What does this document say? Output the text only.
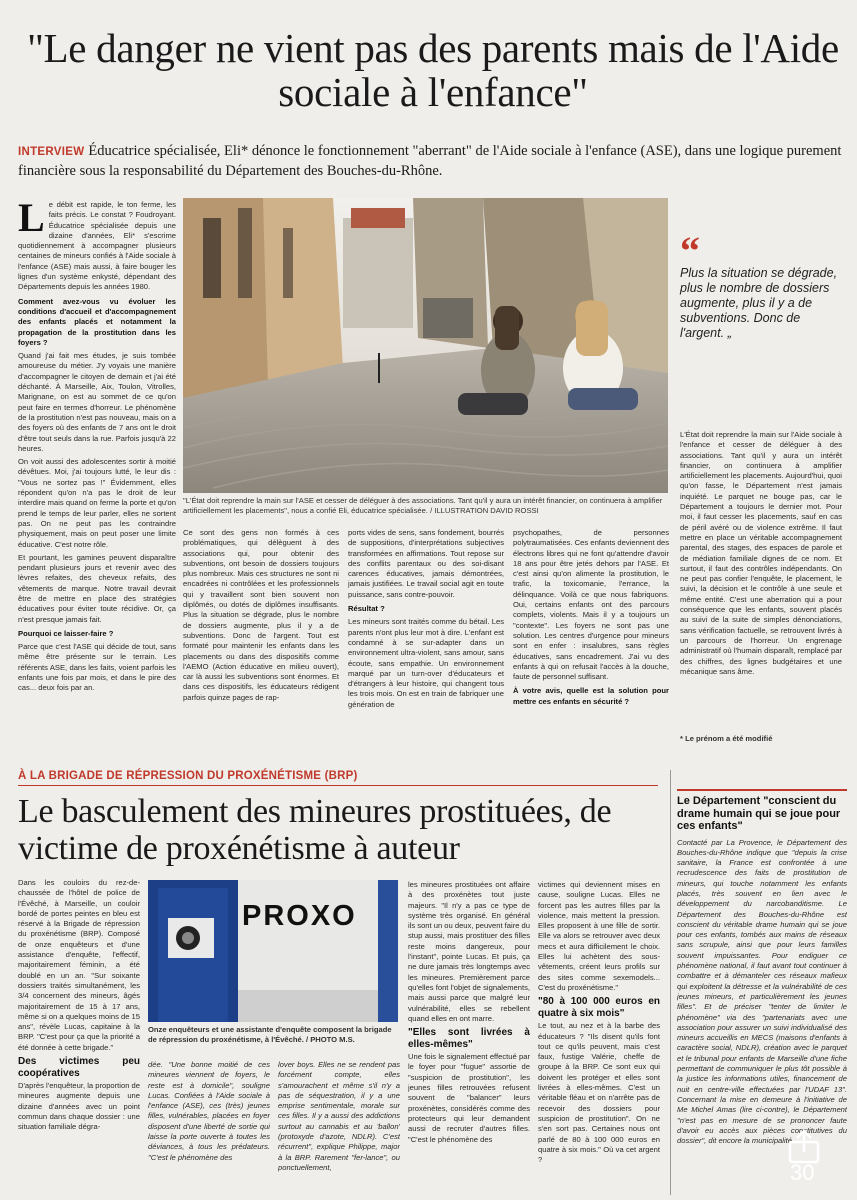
"Le danger ne vient pas des parents mais de l'Aide sociale à l'enfance"
INTERVIEW Éducatrice spécialisée, Eli* dénonce le fonctionnement "aberrant" de l'Aide sociale à l'enfance (ASE), dans une logique purement financière sous la responsabilité du Département des Bouches-du-Rhône.

Le débit est rapide, le ton ferme, les faits précis. Le constat ? Foudroyant. Éducatrice spécialisée depuis une dizaine d'années, Eli* s'escrime quotidiennement à accompagner plusieurs centaines de mineurs confiés à l'Aide sociale à l'enfance (ASE) mais aussi, à faire bouger les lignes d'un système enkysté, dépendant des Départements depuis les années 1980.

Comment avez-vous vu évoluer les conditions d'accueil et d'accompagnement des enfants placés et notamment la propagation de la prostitution dans les foyers ?

Quand j'ai fait mes études, je suis tombée amoureuse du métier. J'y voyais une manière d'accompagner le citoyen de demain et j'ai été déchanté. À Marseille, Aix, Toulon, Vitrolles, Marignane, on est au sommet de ce qu'on peut faire en termes d'horreur. Le phénomène de la prostitution n'est pas nouveau, mais on a des foyers où des enfants de 7 ans ont le droit d'être tout seuls dans la rue. Parfois jusqu'à 22 heures.

On voit aussi des adolescentes sortir à moitié dévêtues. Moi, j'ai toujours lutté, le leur dis : "Vous ne sortez pas !" Évidemment, elles répondent qu'on n'a pas le droit de leur interdire mais quand on ferme la porte et qu'on prend le temps de leur parler, elles ne sortent pas. On ne peut pas les contraindre physiquement, mais on peut poser une limite éducative. C'est notre rôle.

Et pourtant, les gamines peuvent disparaître pendant plusieurs jours et revenir avec des lèvres refaites, des cheveux refaits, des vêtements de marque. Notre travail devrait être de mettre en place des stratégies éducatives pour éviter toute récidive. Or, ça n'est presque jamais fait.

Pourquoi ce laisser-faire ?

Parce que c'est l'ASE qui décide de tout, sans même être présente sur le terrain. Les référents ASE, dans les faits, voient parfois les enfants une fois par mois, et dans le pire des cas... deux fois par an.

"L'État doit reprendre la main sur l'ASE et cesser de déléguer à des associations. Tant qu'il y aura un intérêt financier, on continuera à amplifier artificiellement les placements", nous a confié Eli, éducatrice spécialisée. / ILLUSTRATION DAVID ROSSI
“
Plus la situation se dégrade, plus le nombre de dossiers augmente, plus il y a de subventions. Donc de l'argent. „

L'État doit reprendre la main sur l'Aide sociale à l'enfance et cesser de déléguer à des associations. Tant qu'il y aura un intérêt financier, on continuera à amplifier artificiellement les placements. Aujourd'hui, quoi qu'on fasse, le Département n'est jamais inquiété. Le parquet ne bouge pas, car le Département a toujours le dernier mot. Pour moi, il faut cesser les placements, sauf en cas de péril avéré ou de violence extrême. Il faut mettre en place un véritable accompagnement parental, des stages, des espaces de parole et de médiation familiale dignes de ce nom. Et surtout, il faut des contrôles indépendants. On ne peut pas confier l'enquête, le placement, le suivi, la décision et le contrôle à une seule et même entité. C'est une aberration qui a pour conséquence que les enfants, souvent placés au suivi de la suite de simples dénonciations, sans vérification factuelle, se retrouvent livrés à un parcours de l'horreur. Un engrenage administratif où l'humain disparaît, remplacé par des chiffres, des lignes budgétaires et une mécanique sans âme.

Ce sont des gens non formés à ces problématiques, qui délèguent à des associations qui, pour obtenir des subventions, ont besoin de dossiers toujours plus nombreux. Mais ces structures ne sont ni encadrées ni contrôlées et les professionnels qui y travaillent sont bien souvent non diplômés, ou dotés de diplômes insuffisants. Plus la situation se dégrade, plus le nombre de dossiers augmente, plus il y a de subventions. Donc de l'argent. Tout est formaté pour maintenir les enfants dans les placements ou dans des dispositifs comme l'AEMO (Action éducative en milieu ouvert), car là aussi les subventions sont énormes. Et dans ces dispositifs, les éducateurs rédigent parfois quinze pages de rap-

ports vides de sens, sans fondement, bourrés de suppositions, d'interprétations subjectives transformées en affirmations. Tout repose sur des conflits parentaux ou des soi-disant carences éducatives, jamais démontrées, jamais justifiées. Le travail social agit en toute puissance, sans contre-pouvoir.

Résultat ?

Les mineurs sont traités comme du bétail. Les parents n'ont plus leur mot à dire. L'enfant est condamné à se sur-adapter dans un environnement ultra-violent, sans amour, sans écoute, sans empathie. Un environnement marqué par un turn-over d'éducateurs et d'étrangers à leur histoire, qui changent tous les trois mois. On est en train de fabriquer une génération de

psychopathes, de personnes polytraumatisées. Ces enfants deviennent des électrons libres qui ne font qu'attendre d'avoir 18 ans pour être jetés dehors par l'ASE. Et c'est ainsi qu'on alimente la prostitution, le trafic, la toxicomanie, l'errance, la délinquance. Voilà ce que nous fabriquons. Oui, certains enfants ont des parcours complets, violents. Mais il y a toujours un "contexte". Les foyers ne sont pas une solution. Les centres d'urgence pour mineurs sont en enfer : insalubres, sans règles éducatives, sans encadrement. J'ai vu des enfants à qui on refusait l'accès à la douche, faute de personnel suffisant.

À votre avis, quelle est la solution pour mettre ces enfants en sécurité ?

* Le prénom a été modifié
À LA BRIGADE DE RÉPRESSION DU PROXÉNÉTISME (BRP)
Le basculement des mineures prostituées, de victime de proxénétisme à auteur

Dans les couloirs du rez-de-chaussée de l'hôtel de police de l'Évêché, à Marseille, un couloir bordé de portes peintes en bleu est réservé à la Brigade de répression du proxénétisme (BRP). Composé de onze enquêteurs et d'une assistance d'enquête, l'effectif, majoritairement féminin, a été doublé en un an. "Sur soixante dossiers traités simultanément, les 3/4 concernent des mineurs, âgés majoritairement de 15 à 17 ans, même si on a quelques moins de 15 ans", révèle Lucas, capitaine à la BRP. "C'est pour ça que la priorité a été donnée à cette brigade."

Des victimes peu coopératives

D'après l'enquêteur, la proportion de mineures augmente depuis une dizaine d'années avec un point commun dans chaque dossier : une situation familiale dégra-

PROXO
Onze enquêteurs et une assistante d'enquête composent la brigade de répression du proxénétisme, à l'Évêché. / PHOTO M.S.

dée. "Une bonne moitié de ces mineures viennent de foyers, le reste est à domicile", souligne Lucas. Confiées à l'Aide sociale à l'enfance (ASE), ces (très) jeunes filles, vulnérables, placées en foyer disposent d'une liberté de sortie qui laisse la porte ouverte à toutes les déviances, à tous les prédateurs. "C'est le phénomène des

lover boys. Elles ne se rendent pas forcément compte, elles s'amourachent et même s'il n'y a pas de séquestration, il y a une emprise sentimentale, morale sur ces filles. Il y a aussi des addictions surtout au cannabis et au 'ballon' (protoxyde d'azote, NDLR). C'est récurrent", explique Philippe, major à la BRP. Rarement "fer-lance", ou ponctuellement,

les mineures prostituées ont affaire à des proxénètes tout juste majeurs. "Il n'y a pas ce type de système très organisé. En général ils sont un ou deux, peuvent faire du stup aussi, mais prostituer des filles reste moins dangereux, pour l'instant", pointe Lucas. Et puis, ça ne dure jamais très longtemps avec les mineures. Premièrement parce qu'elles font l'objet de signalements, mais aussi parce que malgré leur vulnérabilité, elles se rebellent quand elles en ont marre.

"Elles sont livrées à elles-mêmes"

Une fois le signalement effectué par le foyer pour "fugue" assortie de "suspicion de prostitution", les jeunes filles retrouvées refusent souvent de "balancer" leurs proxénètes, considérés comme des protecteurs qui leur demandent aussi de recruter d'autres filles. "C'est le phénomène des

victimes qui deviennent mises en cause, souligne Lucas. Elles ne forcent pas les autres filles par la violence, mais mettent la pression. Elles proposent à une fille de sortir. Elle va alors se retrouver avec deux mecs et aura difficilement le choix. Elles lui achètent des sous-vêtements, créent leurs profils sur des sites comme sexemodels... C'est du proxénétisme."

"80 à 100 000 euros en quatre à six mois"

Le tout, au nez et à la barbe des éducateurs ? "Ils disent qu'ils font tout ce qu'ils peuvent, mais c'est faux, fustige Valérie, cheffe de groupe à la BRP. Ce sont eux qui doivent les protéger et elles sont livrées à elles-mêmes. C'est un véritable fléau et on n'arrête pas de recevoir des dossiers pour suspicion de prostitution". On ne s'en sort pas. Certaines nous ont parlé de 80 à 100 000 euros en quatre à six mois." Où va cet argent ?

Le Département "conscient du drame humain qui se joue pour ces enfants"
Contacté par La Provence, le Département des Bouches-du-Rhône indique que "depuis la crise sanitaire, la France est confrontée à une recrudescence des faits de prostitution de mineurs, qui touche notamment les enfants placés, très souvent en lien avec le développement du narcobanditisme. Le Département des Bouches-du-Rhône est conscient du véritable drame humain qui se joue pour ces enfants, tombés aux mains de réseaux sans scrupule, ainsi que pour leurs familles souvent impuissantes. Pour endiguer ce phénomène national, il faut avant tout continuer à combattre et à démanteler ces réseaux mafieux qui exploitent la détresse et la vulnérabilité de ces jeunes mineurs, et particulièrement les jeunes filles". Et de préciser "tenter de limiter le phénomène" via des "partenariats avec une association pour assurer un suivi individualisé des mineurs accueillis en MECS (maisons d'enfants à caractère social, NDLR), création avec le parquet et le tribunal pour enfants de Marseille d'une fiche permettant de communiquer le plus tôt possible à la justice les informations utiles, financement de nuit en centre-ville effectuées par l'UDAF 13". Concernant la mise en demeure à l'initiative de Me Michel Amas (lire ci-contre), le Département "n'est pas en mesure de se prononcer faute d'avoir eu accès aux pièces constitutives du dossier", dit encore la municipalité.
30
